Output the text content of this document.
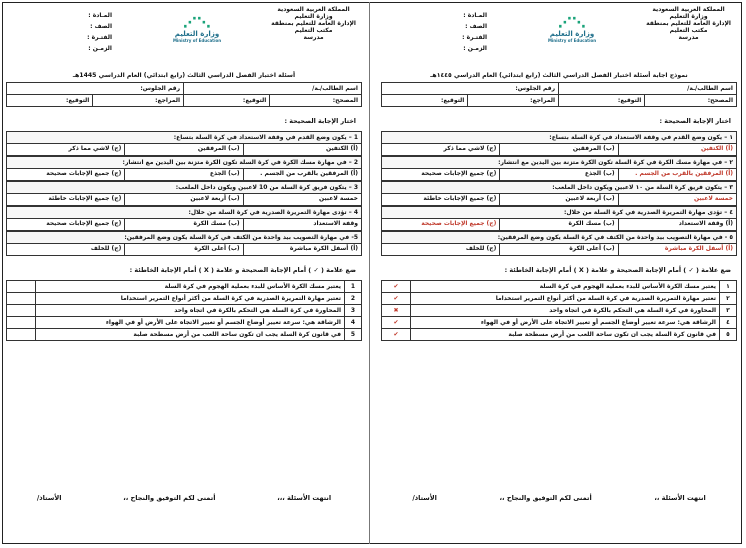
المملكة العربية السعودية
وزارة التعليم
الإدارة العامة للتعليم بمنطقة
مكتب التعليم
مدرسة
⋰⋱
وزارة التعليم
Ministry of Education
المـادة :
الصف :
الفتـرة :
الزمـن :
أسئلة اختبار الفصل الدراسي الثالث (رابع ابتدائي) العام الدراسي 1445هـ
اسم الطالب/ـة/		رقم الجلوس:	
المصحح:	التوقيع:	المراجع:	التوقيع:
اختار الإجابة الصحيحة :
1 – يكون وضع القدم في وقفة الاستعداد في كرة السلة بتساع:
(أ) الكتفين
(ب) المرفقين
(ج) لاشي مما ذكر
2 – في مهارة مسك الكرة في كرة السلة تكون الكرة متزنة بين اليدين مع انتشار:
(أ) المرفقين بالقرب من الجسم .
(ب) الجذع
(ج) جميع الإجابات صحيحة
3 – يتكون فريق كرة السلة من 10 لاعبين ويكون داخل الملعب:
خمسة لاعبين
(ب) أربعة لاعبين
(ج) جميع الإجابات خاطئة
4 – تؤدى مهارة التمريرة الصدرية في كرة السلة من خلال:
وقفة الاستعداد
(ب) مسك الكرة
(ج) جميع الإجابات صحيحة
5- في مهارة التصويب بيد واحدة من الكتف في كرة السلة يكون وضع المرفقين:
(أ) أسفل الكرة مباشرة
(ب) أعلى الكرة
(ج) للخلف
ضع علامة ( ✓ ) أمام الإجابة الصحيحة و علامة ( X ) أمام الإجابة الخاطئة :
1	يعتبر مسك الكرة الأساس للبدء بعملية الهجوم في كرة السلة	
2	تعتبر مهارة التمريرة الصدرية في كرة السلة من أكثر أنواع التمرير استخداما	
3	المحاورة في كرة السلة هي التحكم بالكرة في اتجاه واحد	
4	الرشاقة هي: سرعة تغيير أوضاع الجسم أو تغيير الاتجاه على الأرض أو في الهواء	
5	في قانون كرة السلة يجب ان تكون ساحة اللعب من أرض مسطحة صلبة	
انتهت الأسئلة ،،،
أتمنى لكم التوفيق والنجاح ،،
الأستاذ/
المملكة العربية السعودية
وزارة التعليم
الإدارة العامة للتعليم بمنطقة
مكتب التعليم
مدرسة
⋰⋱
وزارة التعليم
Ministry of Education
المـادة :
الصف :
الفتـرة :
الزمـن :
نموذج اجابة أسئلة اختبار الفصل الدراسي الثالث (رابع ابتدائي) العام الدراسي ١٤٤٥هـ
اسم الطالب/ـة/		رقم الجلوس:	
المصحح:	التوقيع:	المراجع:	التوقيع:
اختار الإجابة الصحيحة :
١ – يكون وضع القدم في وقفة الاستعداد في كرة السلة بتساع:
(أ) الكتفين
(ب) المرفقين
(ج) لاشي مما ذكر
٢ – في مهارة مسك الكرة في كرة السلة تكون الكرة متزنة بين اليدين مع انتشار:
(أ) المرفقين بالقرب من الجسم .
(ب) الجذع
(ج) جميع الإجابات صحيحة
٣ – يتكون فريق كرة السلة من ١٠ لاعبين ويكون داخل الملعب:
خمسة لاعبين
(ب) أربعة لاعبين
(ج) جميع الإجابات خاطئة
٤ – تؤدى مهارة التمريرة الصدرية في كرة السلة من خلال:
(أ) وقفة الاستعداد
(ب) مسك الكرة
(ج) جميع الإجابات صحيحة
٥ - في مهارة التصويب بيد واحدة من الكتف في كرة السلة يكون وضع المرفقين:
(أ) أسفل الكرة مباشرة
(ب) أعلى الكرة
(ج) للخلف
ضع علامة ( ✓ ) أمام الإجابة الصحيحة و علامة ( X ) أمام الإجابة الخاطئة :
١	يعتبر مسك الكرة الأساس للبدء بعملية الهجوم في كرة السلة	✔
٢	تعتبر مهارة التمريرة الصدرية في كرة السلة من أكثر أنواع التمرير استخداما	✔
٣	المحاورة في كرة السلة هي التحكم بالكرة في اتجاه واحد	✖
٤	الرشاقة هي: سرعة تغيير أوضاع الجسم أو تغيير الاتجاه على الأرض أو في الهواء	✔
٥	في قانون كرة السلة يجب ان تكون ساحة اللعب من أرض مسطحة صلبة	✔
انتهت الأسئلة ،،
أتمنى لكم التوفيق والنجاح ،،
الأستاذ/
